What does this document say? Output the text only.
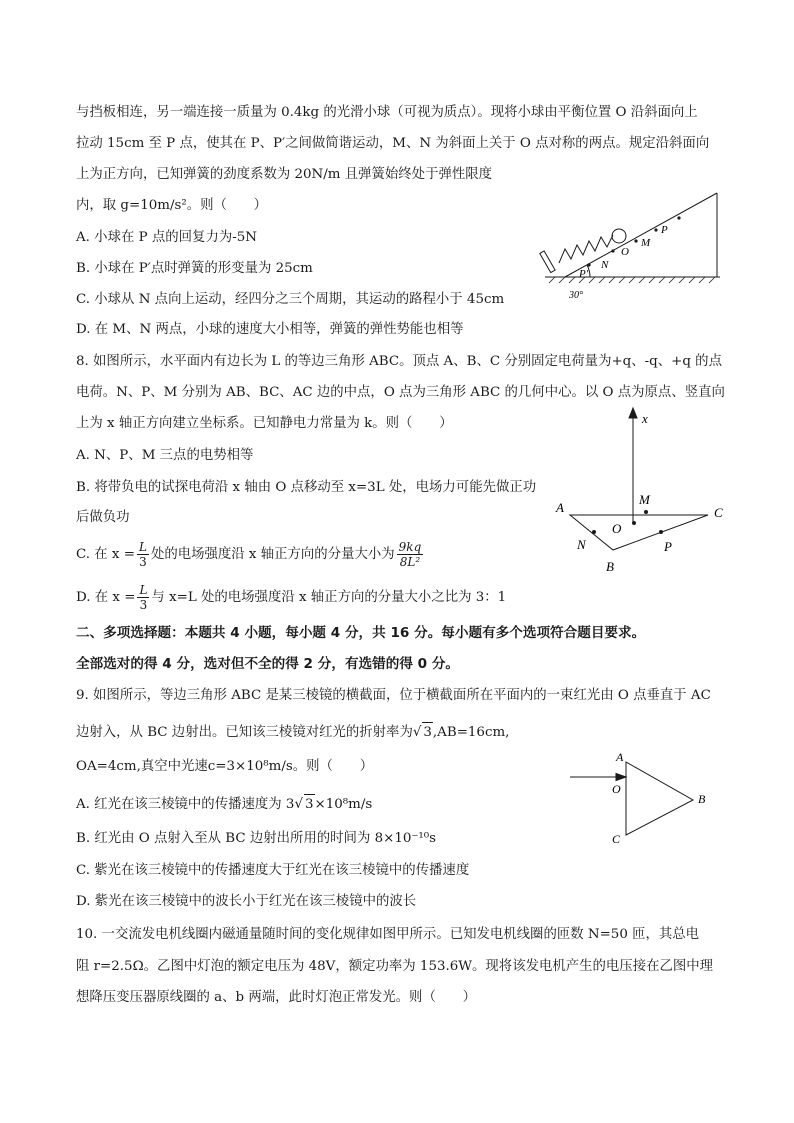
与挡板相连，另一端连接一质量为 0.4kg 的光滑小球（可视为质点）。现将小球由平衡位置 O 沿斜面向上
拉动 15cm 至 P 点，使其在 P、P′之间做简谐运动，M、N 为斜面上关于 O 点对称的两点。规定沿斜面向
上为正方向，已知弹簧的劲度系数为 20N/m 且弹簧始终处于弹性限度
内，取 g=10m/s²。则（　　）
A. 小球在 P 点的回复力为-5N
B. 小球在 P′点时弹簧的形变量为 25cm
C. 小球从 N 点向上运动，经四分之三个周期，其运动的路程小于 45cm
D. 在 M、N 两点，小球的速度大小相等，弹簧的弹性势能也相等
30°
P′
N
O
M
P
8. 如图所示，水平面内有边长为 L 的等边三角形 ABC。顶点 A、B、C 分别固定电荷量为+q、-q、+q 的点
电荷。N、P、M 分别为 AB、BC、AC 边的中点，O 点为三角形 ABC 的几何中心。以 O 点为原点、竖直向
上为 x 轴正方向建立坐标系。已知静电力常量为 k。则（　　）
A. N、P、M 三点的电势相等
B. 将带负电的试探电荷沿 x 轴由 O 点移动至 x=3L 处，电场力可能先做正功
后做负功
C. 在 $x = \frac{L}{3}$ 处的电场强度沿 x 轴正方向的分量大小为 $\frac{9kq}{\text{8L²}}$
D. 在 $x = \frac{L}{3}$ 与 x=L 处的电场强度沿 x 轴正方向的分量大小之比为 3：1
x
A	C
B
M
O
N	P
二、多项选择题：本题共 4 小题，每小题 4 分，共 16 分。每小题有多个选项符合题目要求。
全部选对的得 4 分，选对但不全的得 2 分，有选错的得 0 分。
9. 如图所示，等边三角形 ABC 是某三棱镜的横截面，位于横截面所在平面内的一束红光由 O 点垂直于 AC
边射入，从 BC 边射出。已知该三棱镜对红光的折射率为√ 3,AB=16cm,
OA=4cm,真空中光速c=3×10⁸m/s。则（　　）
A. 红光在该三棱镜中的传播速度为 3√ 3×10⁸m/s
B. 红光由 O 点射入至从 BC 边射出所用的时间为 8×10⁻¹⁰s
C. 紫光在该三棱镜中的传播速度大于红光在该三棱镜中的传播速度
D. 紫光在该三棱镜中的波长小于红光在该三棱镜中的波长
A
O
B
C
10. 一交流发电机线圈内磁通量随时间的变化规律如图甲所示。已知发电机线圈的匝数 N=50 匝，其总电
阻 r=2.5Ω。乙图中灯泡的额定电压为 48V，额定功率为 153.6W。现将该发电机产生的电压接在乙图中理
想降压变压器原线圈的 a、b 两端，此时灯泡正常发光。则（　　）
